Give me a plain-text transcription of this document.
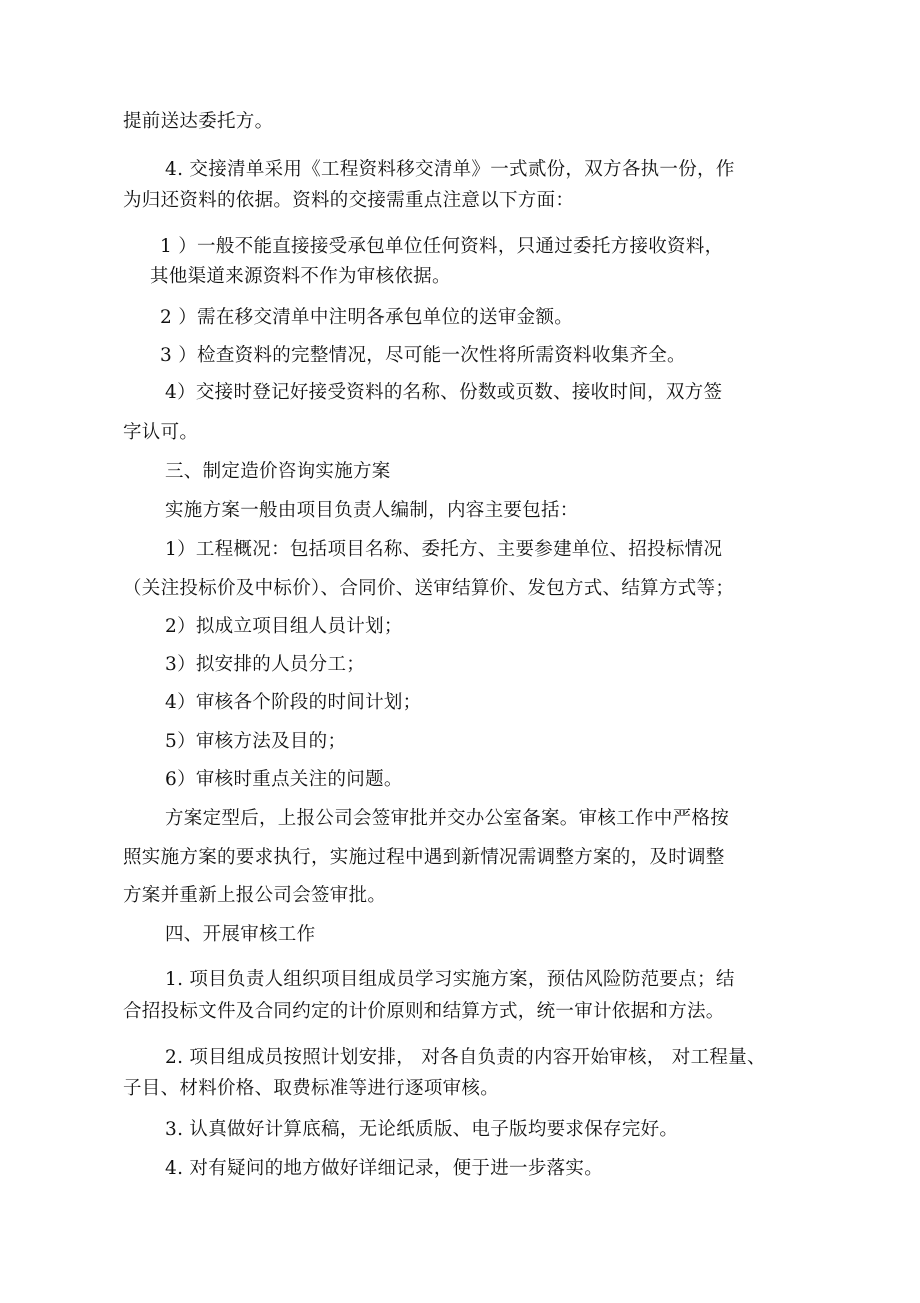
提前送达委托方。
4. 交接清单采用《工程资料移交清单》一式贰份，双方各执一份，作
为归还资料的依据。资料的交接需重点注意以下方面：
1 ）一般不能直接接受承包单位任何资料，只通过委托方接收资料，
其他渠道来源资料不作为审核依据。
2 ）需在移交清单中注明各承包单位的送审金额。
3 ）检查资料的完整情况，尽可能一次性将所需资料收集齐全。
4）交接时登记好接受资料的名称、份数或页数、接收时间，双方签
字认可。
三、制定造价咨询实施方案
实施方案一般由项目负责人编制，内容主要包括：
1）工程概况：包括项目名称、委托方、主要参建单位、招投标情况
（关注投标价及中标价）、合同价、送审结算价、发包方式、结算方式等；
2）拟成立项目组人员计划；
3）拟安排的人员分工；
4）审核各个阶段的时间计划；
5）审核方法及目的；
6）审核时重点关注的问题。
方案定型后，上报公司会签审批并交办公室备案。审核工作中严格按
照实施方案的要求执行，实施过程中遇到新情况需调整方案的，及时调整
方案并重新上报公司会签审批。
四、开展审核工作
1. 项目负责人组织项目组成员学习实施方案，预估风险防范要点；结
合招投标文件及合同约定的计价原则和结算方式，统一审计依据和方法。
2. 项目组成员按照计划安排， 对各自负责的内容开始审核， 对工程量、
子目、材料价格、取费标准等进行逐项审核。
3. 认真做好计算底稿，无论纸质版、电子版均要求保存完好。
4. 对有疑问的地方做好详细记录，便于进一步落实。
